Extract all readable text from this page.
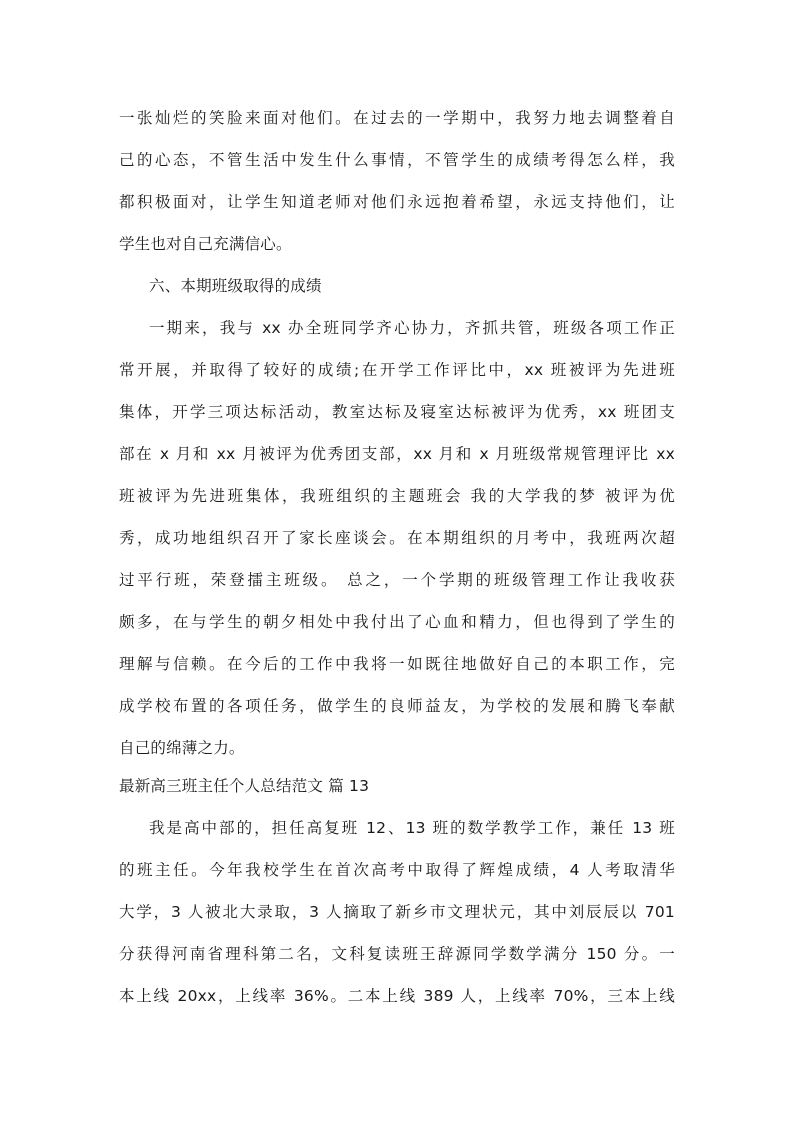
一张灿烂的笑脸来面对他们。在过去的一学期中，我努力地去调整着自
己的心态，不管生活中发生什么事情，不管学生的成绩考得怎么样，我
都积极面对，让学生知道老师对他们永远抱着希望，永远支持他们，让
学生也对自己充满信心。
六、本期班级取得的成绩
一期来，我与 xx 办全班同学齐心协力，齐抓共管，班级各项工作正
常开展，并取得了较好的成绩;在开学工作评比中，xx 班被评为先进班
集体，开学三项达标活动，教室达标及寝室达标被评为优秀，xx 班团支
部在 x 月和 xx 月被评为优秀团支部，xx 月和 x 月班级常规管理评比 xx
班被评为先进班集体，我班组织的主题班会 我的大学我的梦 被评为优
秀，成功地组织召开了家长座谈会。在本期组织的月考中，我班两次超
过平行班，荣登擂主班级。 总之，一个学期的班级管理工作让我收获
颇多，在与学生的朝夕相处中我付出了心血和精力，但也得到了学生的
理解与信赖。在今后的工作中我将一如既往地做好自己的本职工作，完
成学校布置的各项任务，做学生的良师益友，为学校的发展和腾飞奉献
自己的绵薄之力。
最新高三班主任个人总结范文 篇 13
我是高中部的，担任高复班 12、13 班的数学教学工作，兼任 13 班
的班主任。今年我校学生在首次高考中取得了辉煌成绩，4 人考取清华
大学，3 人被北大录取，3 人摘取了新乡市文理状元，其中刘辰辰以 701
分获得河南省理科第二名，文科复读班王辞源同学数学满分 150 分。一
本上线 20xx，上线率 36%。二本上线 389 人，上线率 70%，三本上线
